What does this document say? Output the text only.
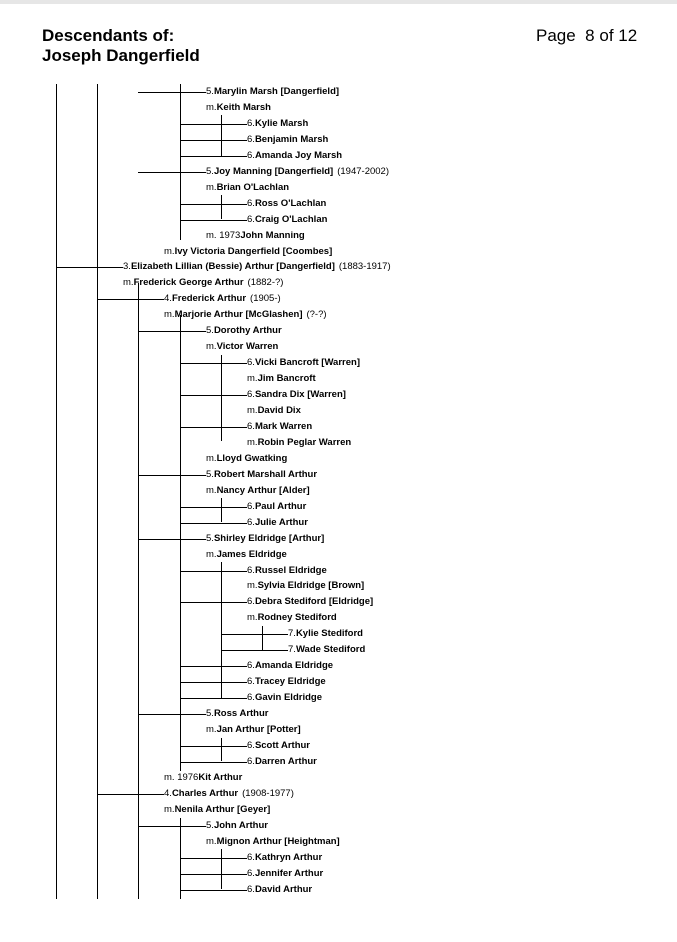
Descendants of:
Joseph Dangerfield
Page 8 of 12
5.Marylin Marsh [Dangerfield]
m.Keith Marsh
6.Kylie Marsh
6.Benjamin Marsh
6.Amanda Joy Marsh
5.Joy Manning [Dangerfield] (1947-2002)
m.Brian O'Lachlan
6.Ross O'Lachlan
6.Craig O'Lachlan
m. 1973John Manning
m.Ivy Victoria Dangerfield [Coombes]
3.Elizabeth Lillian (Bessie) Arthur [Dangerfield] (1883-1917)
m.Frederick George Arthur (1882-?)
4.Frederick Arthur (1905-)
m.Marjorie Arthur [McGlashen] (?-?)
5.Dorothy Arthur
m.Victor Warren
6.Vicki Bancroft [Warren]
m.Jim Bancroft
6.Sandra Dix [Warren]
m.David Dix
6.Mark Warren
m.Robin Peglar Warren
m.Lloyd Gwatking
5.Robert Marshall Arthur
m.Nancy Arthur [Alder]
6.Paul Arthur
6.Julie Arthur
5.Shirley Eldridge [Arthur]
m.James Eldridge
6.Russel Eldridge
m.Sylvia Eldridge [Brown]
6.Debra Stediford [Eldridge]
m.Rodney Stediford
7.Kylie Stediford
7.Wade Stediford
6.Amanda Eldridge
6.Tracey Eldridge
6.Gavin Eldridge
5.Ross Arthur
m.Jan Arthur [Potter]
6.Scott Arthur
6.Darren Arthur
m. 1976Kit Arthur
4.Charles Arthur (1908-1977)
m.Nenila Arthur [Geyer]
5.John Arthur
m.Mignon Arthur [Heightman]
6.Kathryn Arthur
6.Jennifer Arthur
6.David Arthur
